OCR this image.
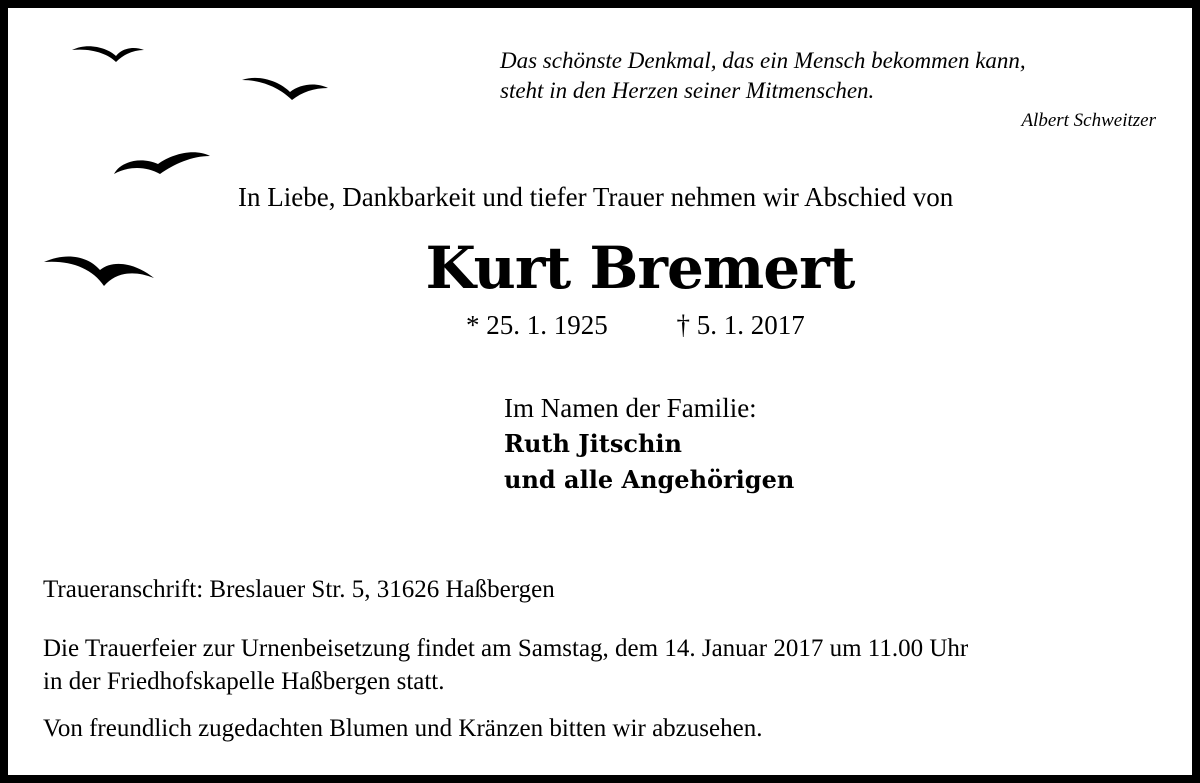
Das schönste Denkmal, das ein Mensch bekommen kann,
steht in den Herzen seiner Mitmenschen.
Albert Schweitzer
In Liebe, Dankbarkeit und tiefer Trauer nehmen wir Abschied von
Kurt Bremert
* 25. 1. 1925	† 5. 1. 2017
Im Namen der Familie:
Ruth Jitschin
und alle Angehörigen
Traueranschrift: Breslauer Str. 5, 31626 Haßbergen
Die Trauerfeier zur Urnenbeisetzung findet am Samstag, dem 14. Januar 2017 um 11.00 Uhr
in der Friedhofskapelle Haßbergen statt.
Von freundlich zugedachten Blumen und Kränzen bitten wir abzusehen.
